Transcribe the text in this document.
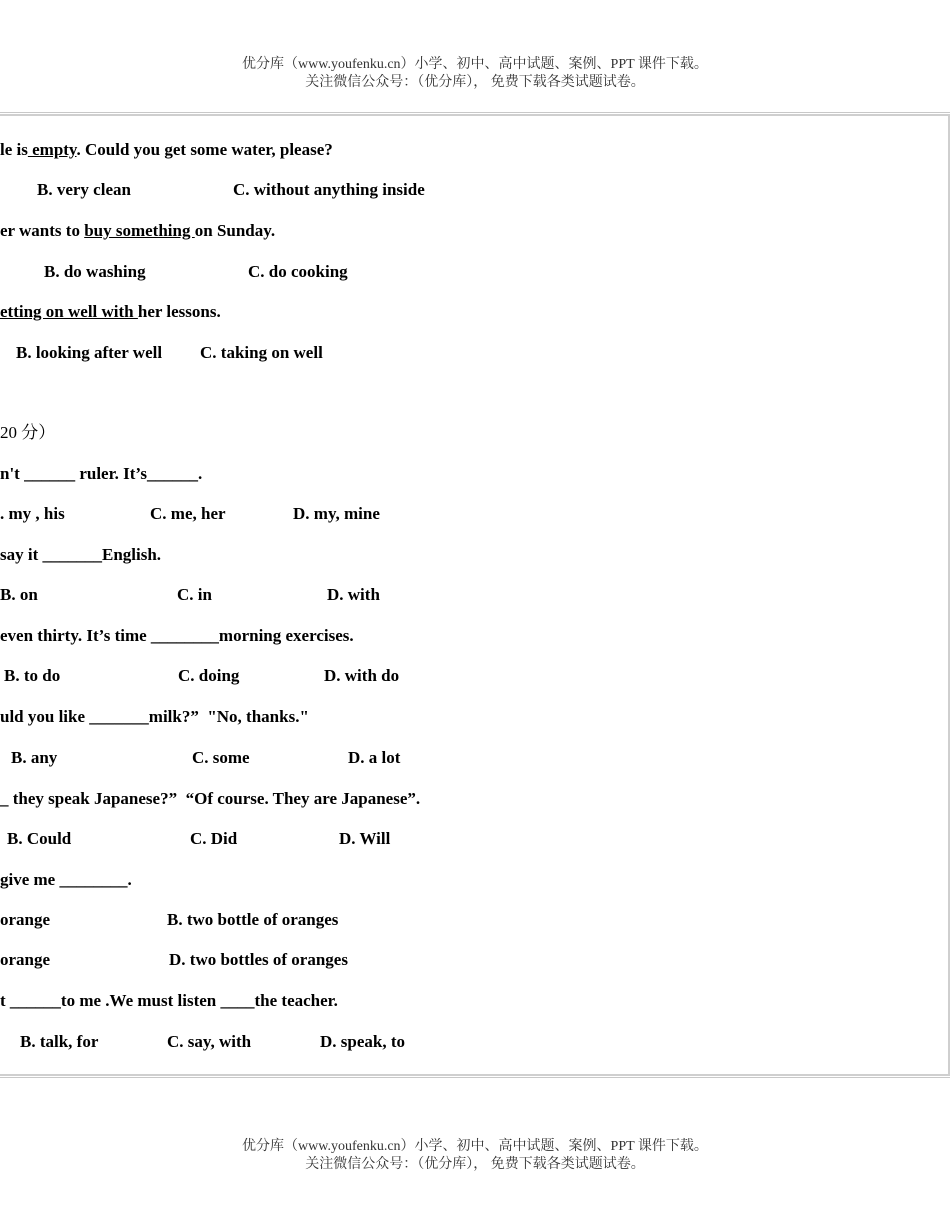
优分库（www.youfenku.cn）小学、初中、高中试题、案例、PPT 课件下载。
关注微信公众号：（优分库）， 免费下载各类试题试卷。
le is empty. Could you get some water, please?
B. very clean	C. without anything inside
er wants to buy something on Sunday.
B. do washing	C. do cooking
etting on well with her lessons.
B. looking after well C. taking on well
20 分）
n't ______ ruler. It’s______.
. my , his	C. me, her	D. my, mine
say it _______English.
B. on	C. in	D. with
even thirty. It’s time ________morning exercises.
B. to do	C. doing	D. with do
uld you like _______milk?”  "No, thanks."
B. any	C. some	D. a lot
_ they speak Japanese?”  “Of course. They are Japanese”.
B. Could	C. Did	D. Will
give me ________.
orange	B. two bottle of oranges
orange	D. two bottles of oranges
t ______to me .We must listen ____the teacher.
B. talk, for	C. say, with	D. speak, to
优分库（www.youfenku.cn）小学、初中、高中试题、案例、PPT 课件下载。
关注微信公众号：（优分库）， 免费下载各类试题试卷。
